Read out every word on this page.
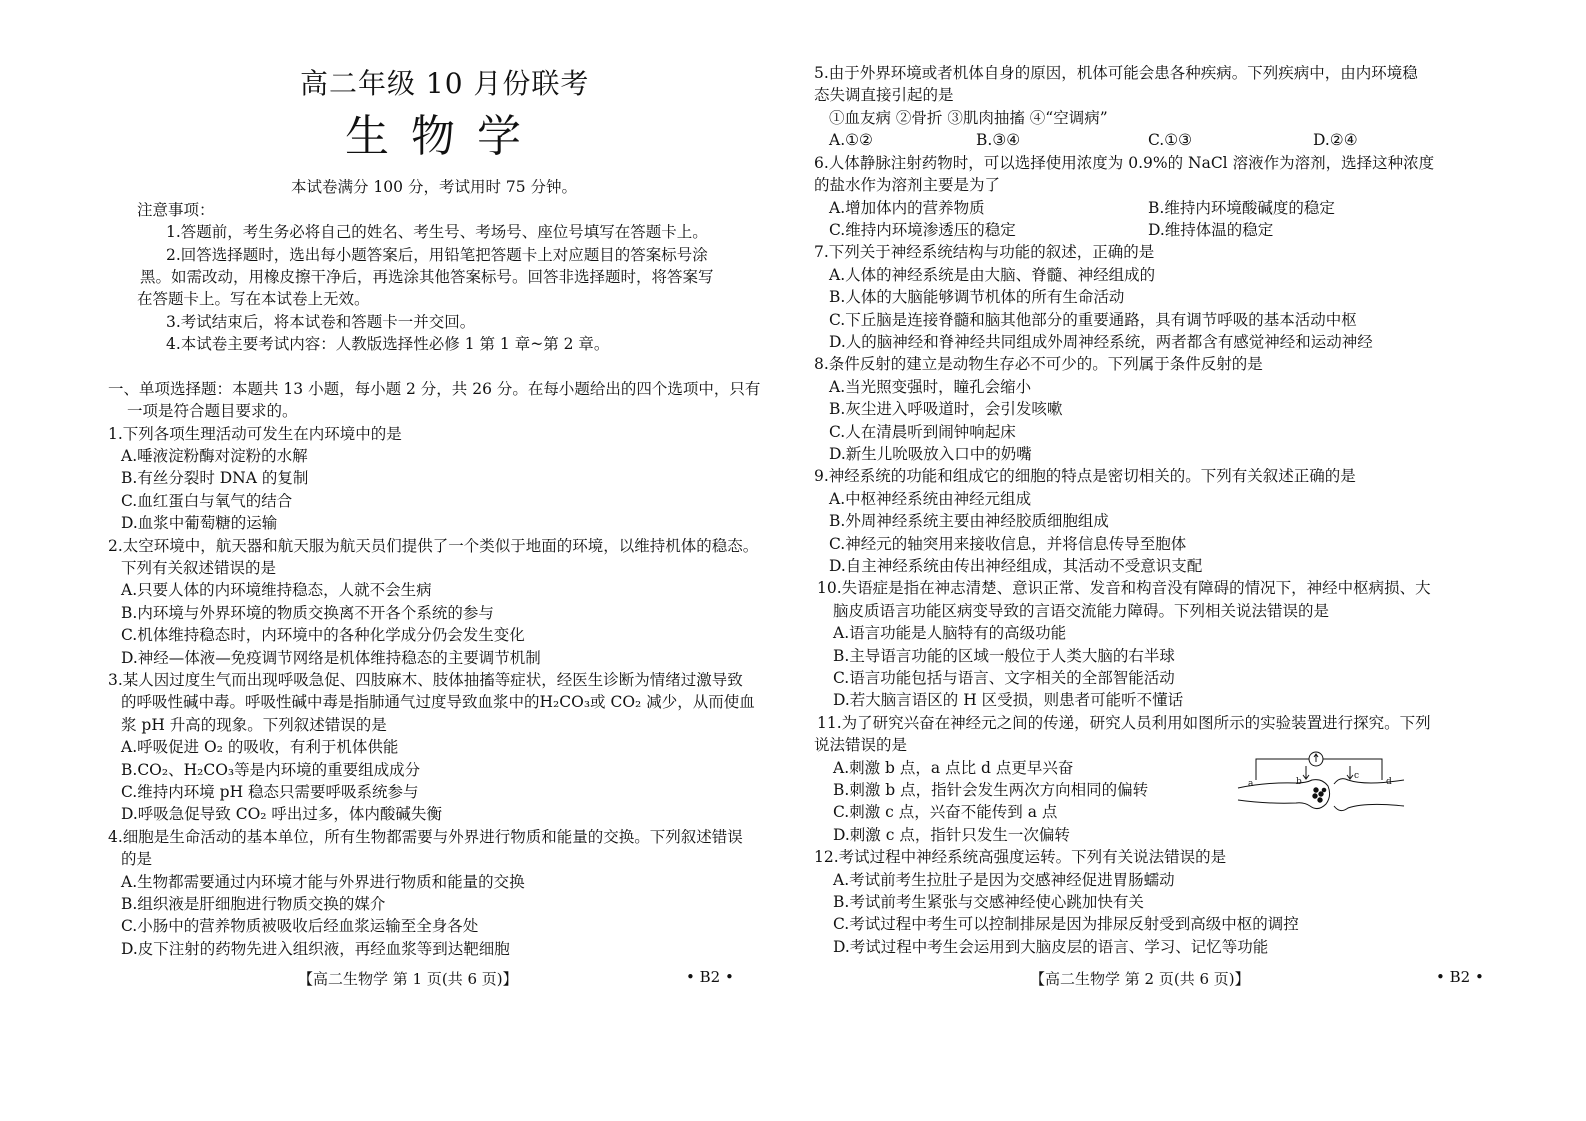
高二年级 10 月份联考
生物学
本试卷满分 100 分，考试用时 75 分钟。
注意事项：
1.答题前，考生务必将自己的姓名、考生号、考场号、座位号填写在答题卡上。
2.回答选择题时，选出每小题答案后，用铅笔把答题卡上对应题目的答案标号涂
黑。如需改动，用橡皮擦干净后，再选涂其他答案标号。回答非选择题时，将答案写
在答题卡上。写在本试卷上无效。
3.考试结束后，将本试卷和答题卡一并交回。
4.本试卷主要考试内容：人教版选择性必修 1 第 1 章~第 2 章。
一、单项选择题：本题共 13 小题，每小题 2 分，共 26 分。在每小题给出的四个选项中，只有
一项是符合题目要求的。
1.下列各项生理活动可发生在内环境中的是
A.唾液淀粉酶对淀粉的水解
B.有丝分裂时 DNA 的复制
C.血红蛋白与氧气的结合
D.血浆中葡萄糖的运输
2.太空环境中，航天器和航天服为航天员们提供了一个类似于地面的环境，以维持机体的稳态。
下列有关叙述错误的是
A.只要人体的内环境维持稳态，人就不会生病
B.内环境与外界环境的物质交换离不开各个系统的参与
C.机体维持稳态时，内环境中的各种化学成分仍会发生变化
D.神经—体液—免疫调节网络是机体维持稳态的主要调节机制
3.某人因过度生气而出现呼吸急促、四肢麻木、肢体抽搐等症状，经医生诊断为情绪过激导致
的呼吸性碱中毒。呼吸性碱中毒是指肺通气过度导致血浆中的H₂CO₃或 CO₂ 减少，从而使血
浆 pH 升高的现象。下列叙述错误的是
A.呼吸促进 O₂ 的吸收，有利于机体供能
B.CO₂、H₂CO₃等是内环境的重要组成成分
C.维持内环境 pH 稳态只需要呼吸系统参与
D.呼吸急促导致 CO₂ 呼出过多，体内酸碱失衡
4.细胞是生命活动的基本单位，所有生物都需要与外界进行物质和能量的交换。下列叙述错误
的是
A.生物都需要通过内环境才能与外界进行物质和能量的交换
B.组织液是肝细胞进行物质交换的媒介
C.小肠中的营养物质被吸收后经血浆运输至全身各处
D.皮下注射的药物先进入组织液，再经血浆等到达靶细胞
【高二生物学 第 1 页(共 6 页)】	• B2 •
5.由于外界环境或者机体自身的原因，机体可能会患各种疾病。下列疾病中，由内环境稳
态失调直接引起的是
①血友病 ②骨折 ③肌肉抽搐 ④“空调病”
A.①②	B.③④	C.①③	D.②④
6.人体静脉注射药物时，可以选择使用浓度为 0.9%的 NaCl 溶液作为溶剂，选择这种浓度
的盐水作为溶剂主要是为了
A.增加体内的营养物质	B.维持内环境酸碱度的稳定
C.维持内环境渗透压的稳定	D.维持体温的稳定
7.下列关于神经系统结构与功能的叙述，正确的是
A.人体的神经系统是由大脑、脊髓、神经组成的
B.人体的大脑能够调节机体的所有生命活动
C.下丘脑是连接脊髓和脑其他部分的重要通路，具有调节呼吸的基本活动中枢
D.人的脑神经和脊神经共同组成外周神经系统，两者都含有感觉神经和运动神经
8.条件反射的建立是动物生存必不可少的。下列属于条件反射的是
A.当光照变强时，瞳孔会缩小
B.灰尘进入呼吸道时，会引发咳嗽
C.人在清晨听到闹钟响起床
D.新生儿吮吸放入口中的奶嘴
9.神经系统的功能和组成它的细胞的特点是密切相关的。下列有关叙述正确的是
A.中枢神经系统由神经元组成
B.外周神经系统主要由神经胶质细胞组成
C.神经元的轴突用来接收信息，并将信息传导至胞体
D.自主神经系统由传出神经组成，其活动不受意识支配
10.失语症是指在神志清楚、意识正常、发音和构音没有障碍的情况下，神经中枢病损、大
脑皮质语言功能区病变导致的言语交流能力障碍。下列相关说法错误的是
A.语言功能是人脑特有的高级功能
B.主导语言功能的区域一般位于人类大脑的右半球
C.语言功能包括与语言、文字相关的全部智能活动
D.若大脑言语区的 H 区受损，则患者可能听不懂话
11.为了研究兴奋在神经元之间的传递，研究人员利用如图所示的实验装置进行探究。下列
说法错误的是
A.刺激 b 点，a 点比 d 点更早兴奋
B.刺激 b 点，指针会发生两次方向相同的偏转
C.刺激 c 点，兴奋不能传到 a 点
D.刺激 c 点，指针只发生一次偏转
a	b
c
d
12.考试过程中神经系统高强度运转。下列有关说法错误的是
A.考试前考生拉肚子是因为交感神经促进胃肠蠕动
B.考试前考生紧张与交感神经使心跳加快有关
C.考试过程中考生可以控制排尿是因为排尿反射受到高级中枢的调控
D.考试过程中考生会运用到大脑皮层的语言、学习、记忆等功能
【高二生物学 第 2 页(共 6 页)】	• B2 •
